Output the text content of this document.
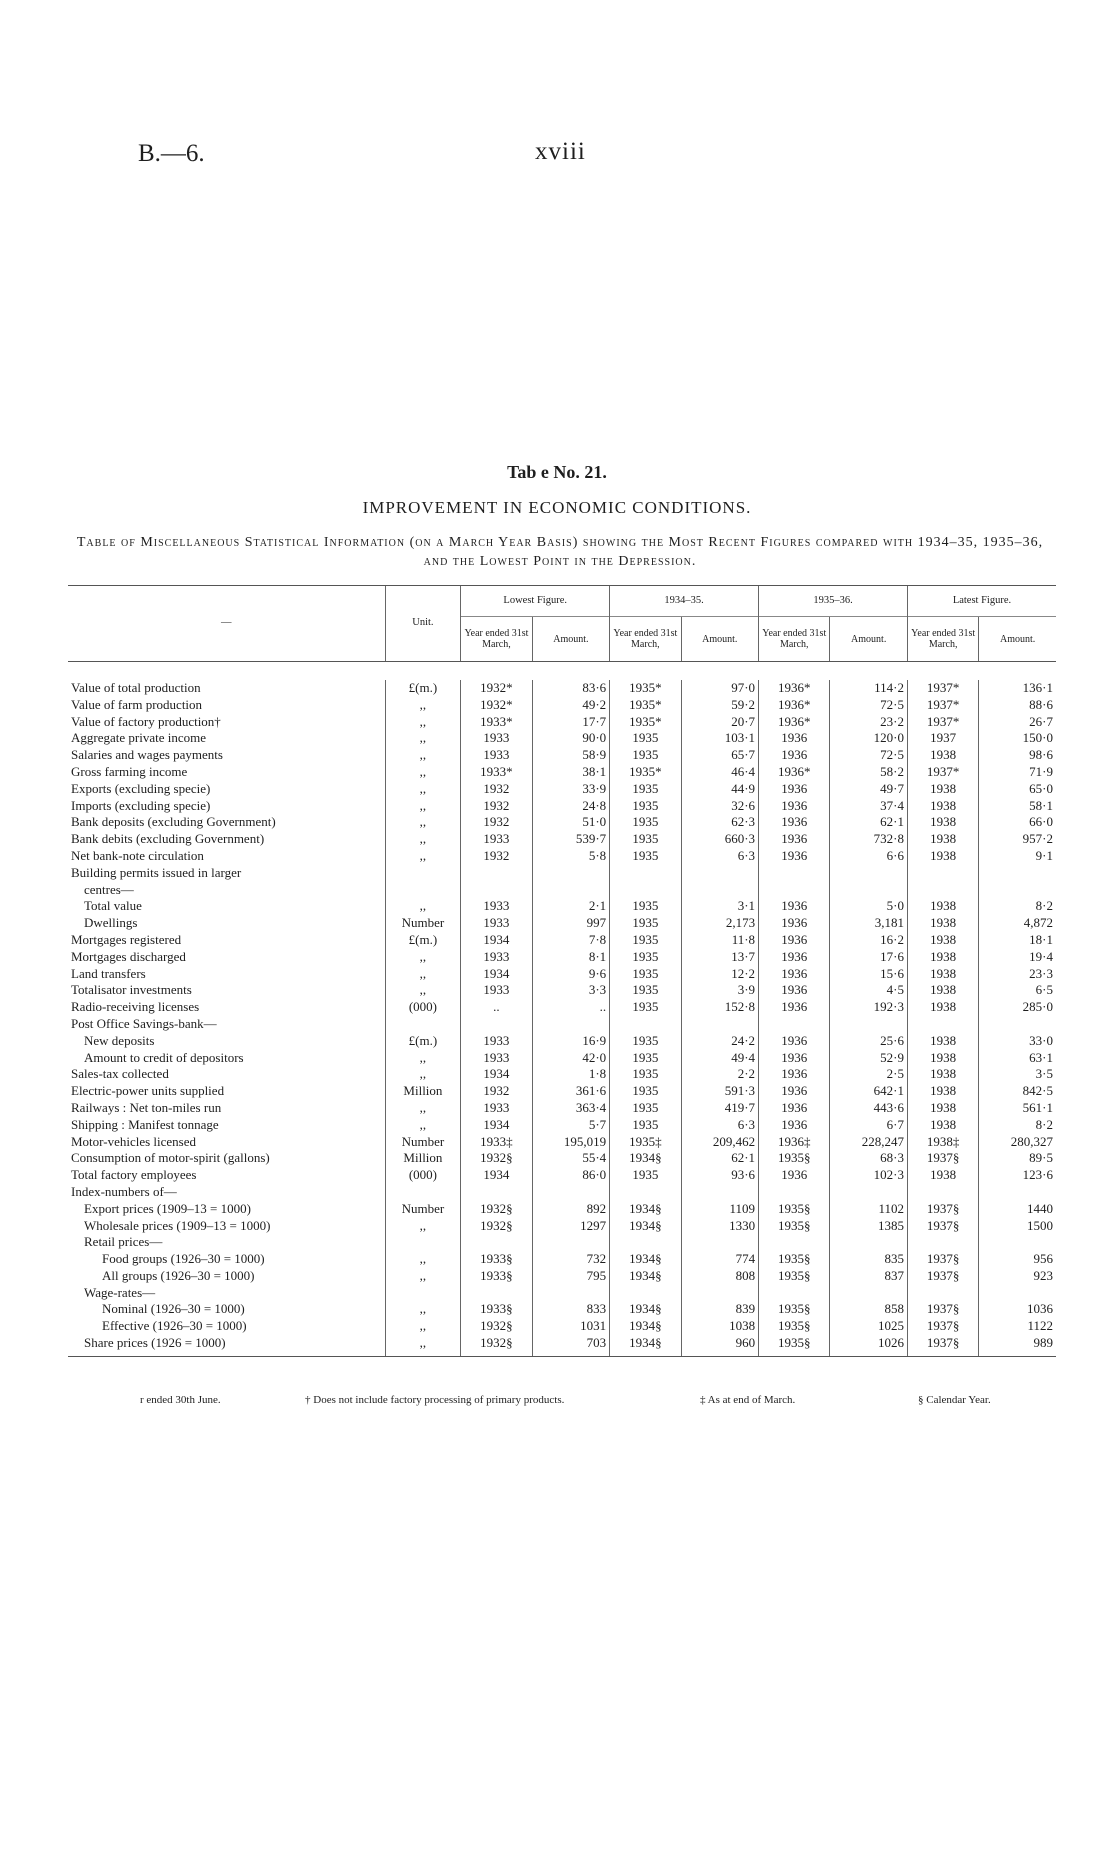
B.—6.	xviii
Tab e No. 21.
IMPROVEMENT IN ECONOMIC CONDITIONS.
Table of Miscellaneous Statistical Information (on a March Year Basis) showing the Most Recent Figures compared with 1934–35, 1935–36, and the Lowest Point in the Depression.
—	Unit.	Lowest Figure.		1934–35.		1935–36.		Latest Figure.	
		Year ended 31st March,	Amount.	Year ended 31st March,	Amount.	Year ended 31st March,	Amount.	Year ended 31st March,	Amount.

Value of total production	£(m.)	1932*	83·6	1935*	97·0	1936*	114·2	1937*	136·1
Value of farm production	,,	1932*	49·2	1935*	59·2	1936*	72·5	1937*	88·6
Value of factory production†	,,	1933*	17·7	1935*	20·7	1936*	23·2	1937*	26·7
Aggregate private income	,,	1933	90·0	1935	103·1	1936	120·0	1937	150·0
Salaries and wages payments	,,	1933	58·9	1935	65·7	1936	72·5	1938	98·6
Gross farming income	,,	1933*	38·1	1935*	46·4	1936*	58·2	1937*	71·9
Exports (excluding specie)	,,	1932	33·9	1935	44·9	1936	49·7	1938	65·0
Imports (excluding specie)	,,	1932	24·8	1935	32·6	1936	37·4	1938	58·1
Bank deposits (excluding Government)	,,	1932	51·0	1935	62·3	1936	62·1	1938	66·0
Bank debits (excluding Government)	,,	1933	539·7	1935	660·3	1936	732·8	1938	957·2
Net bank-note circulation	,,	1932	5·8	1935	6·3	1936	6·6	1938	9·1
Building permits issued in larger									
centres—									
Total value	,,	1933	2·1	1935	3·1	1936	5·0	1938	8·2
Dwellings	Number	1933	997	1935	2,173	1936	3,181	1938	4,872
Mortgages registered	£(m.)	1934	7·8	1935	11·8	1936	16·2	1938	18·1
Mortgages discharged	,,	1933	8·1	1935	13·7	1936	17·6	1938	19·4
Land transfers	,,	1934	9·6	1935	12·2	1936	15·6	1938	23·3
Totalisator investments	,,	1933	3·3	1935	3·9	1936	4·5	1938	6·5
Radio-receiving licenses	(000)	..	..	1935	152·8	1936	192·3	1938	285·0
Post Office Savings-bank—									
New deposits	£(m.)	1933	16·9	1935	24·2	1936	25·6	1938	33·0
Amount to credit of depositors	,,	1933	42·0	1935	49·4	1936	52·9	1938	63·1
Sales-tax collected	,,	1934	1·8	1935	2·2	1936	2·5	1938	3·5
Electric-power units supplied	Million	1932	361·6	1935	591·3	1936	642·1	1938	842·5
Railways : Net ton-miles run	,,	1933	363·4	1935	419·7	1936	443·6	1938	561·1
Shipping : Manifest tonnage	,,	1934	5·7	1935	6·3	1936	6·7	1938	8·2
Motor-vehicles licensed	Number	1933‡	195,019	1935‡	209,462	1936‡	228,247	1938‡	280,327
Consumption of motor-spirit (gallons)	Million	1932§	55·4	1934§	62·1	1935§	68·3	1937§	89·5
Total factory employees	(000)	1934	86·0	1935	93·6	1936	102·3	1938	123·6
Index-numbers of—									
Export prices (1909–13 = 1000)	Number	1932§	892	1934§	1109	1935§	1102	1937§	1440
Wholesale prices (1909–13 = 1000)	,,	1932§	1297	1934§	1330	1935§	1385	1937§	1500
Retail prices—									
Food groups (1926–30 = 1000)	,,	1933§	732	1934§	774	1935§	835	1937§	956
All groups (1926–30 = 1000)	,,	1933§	795	1934§	808	1935§	837	1937§	923
Wage-rates—									
Nominal (1926–30 = 1000)	,,	1933§	833	1934§	839	1935§	858	1937§	1036
Effective (1926–30 = 1000)	,,	1932§	1031	1934§	1038	1935§	1025	1937§	1122
Share prices (1926 = 1000)	,,	1932§	703	1934§	960	1935§	1026	1937§	989
r ended 30th June.	† Does not include factory processing of primary products.	‡ As at end of March.	§ Calendar Year.
